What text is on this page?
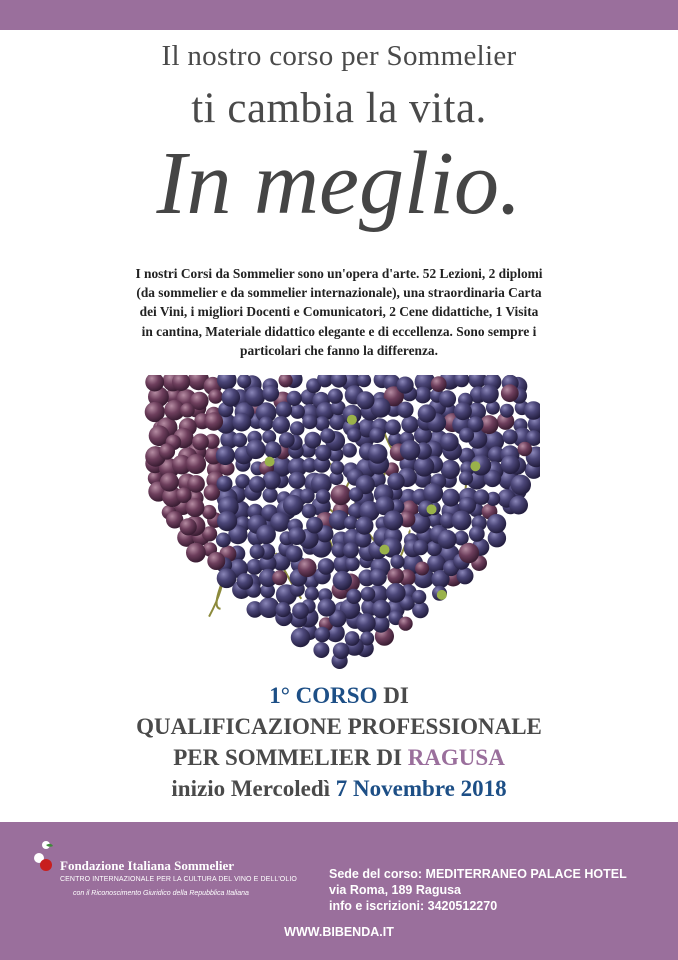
Il nostro corso per Sommelier
ti cambia la vita.
In meglio.
I nostri Corsi da Sommelier sono un'opera d'arte. 52 Lezioni, 2 diplomi
(da sommelier e da sommelier internazionale), una straordinaria Carta
dei Vini, i migliori Docenti e Comunicatori, 2 Cene didattiche, 1 Visita
in cantina, Materiale didattico elegante e di eccellenza. Sono sempre i
particolari che fanno la differenza.
1° CORSO DI
QUALIFICAZIONE PROFESSIONALE
PER SOMMELIER DI RAGUSA
inizio Mercoledì 7 Novembre 2018
Fondazione Italiana Sommelier
CENTRO INTERNAZIONALE PER LA CULTURA DEL VINO E DELL'OLIO
con il Riconoscimento Giuridico della Repubblica Italiana
Sede del corso: MEDITERRANEO PALACE HOTEL
via Roma, 189 Ragusa
info e iscrizioni: 3420512270
WWW.BIBENDA.IT
